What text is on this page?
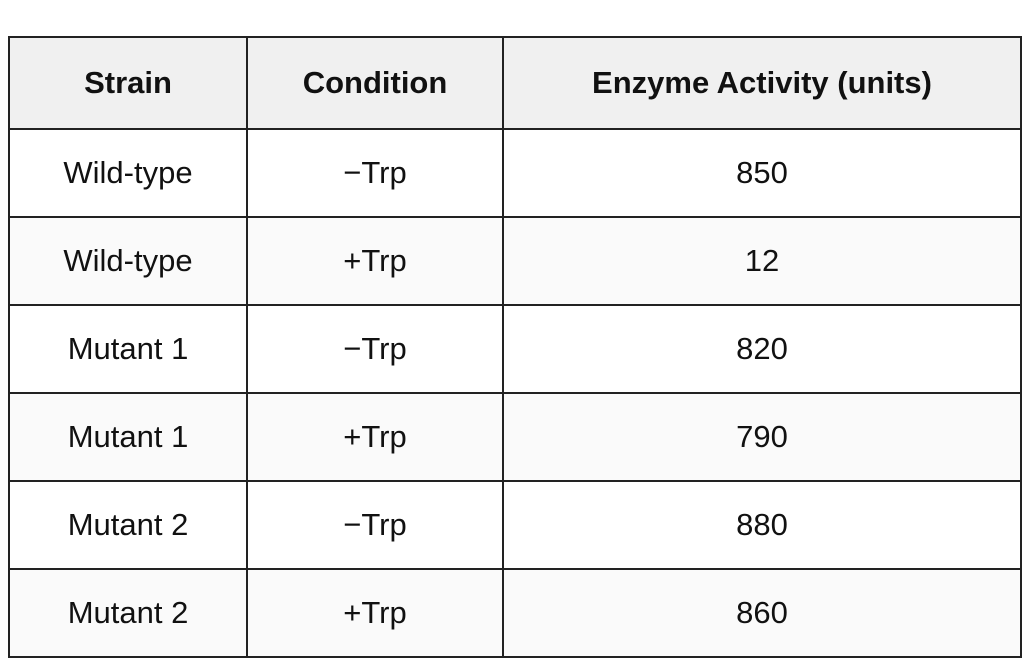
Strain	Condition	Enzyme Activity (units)
Wild-type	−Trp	850
Wild-type	+Trp	12
Mutant 1	−Trp	820
Mutant 1	+Trp	790
Mutant 2	−Trp	880
Mutant 2	+Trp	860
